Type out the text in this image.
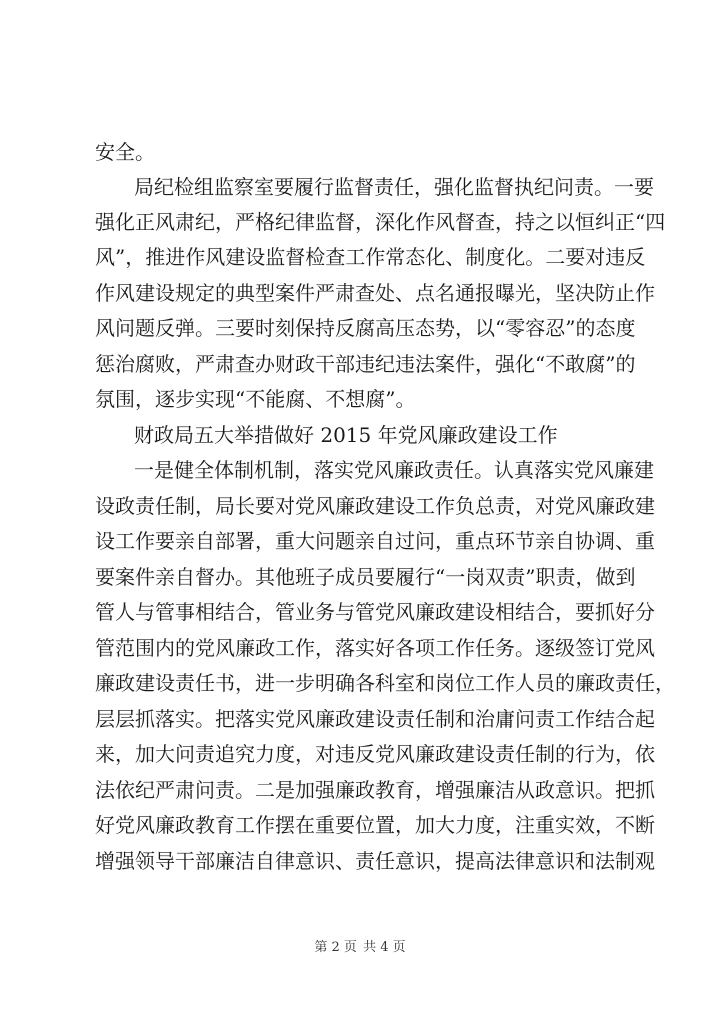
安全。
局纪检组监察室要履行监督责任，强化监督执纪问责。一要
强化正风肃纪，严格纪律监督，深化作风督查，持之以恒纠正“四
风”，推进作风建设监督检查工作常态化、制度化。二要对违反
作风建设规定的典型案件严肃查处、点名通报曝光，坚决防止作
风问题反弹。三要时刻保持反腐高压态势，以“零容忍”的态度
惩治腐败，严肃查办财政干部违纪违法案件，强化“不敢腐”的
氛围，逐步实现“不能腐、不想腐”。
财政局五大举措做好 2015 年党风廉政建设工作
一是健全体制机制，落实党风廉政责任。认真落实党风廉建
设政责任制，局长要对党风廉政建设工作负总责，对党风廉政建
设工作要亲自部署，重大问题亲自过问，重点环节亲自协调、重
要案件亲自督办。其他班子成员要履行“一岗双责”职责，做到
管人与管事相结合，管业务与管党风廉政建设相结合，要抓好分
管范围内的党风廉政工作，落实好各项工作任务。逐级签订党风
廉政建设责任书，进一步明确各科室和岗位工作人员的廉政责任，
层层抓落实。把落实党风廉政建设责任制和治庸问责工作结合起
来，加大问责追究力度，对违反党风廉政建设责任制的行为，依
法依纪严肃问责。二是加强廉政教育，增强廉洁从政意识。把抓
好党风廉政教育工作摆在重要位置，加大力度，注重实效，不断
增强领导干部廉洁自律意识、责任意识，提高法律意识和法制观
第 2 页 共 4 页
